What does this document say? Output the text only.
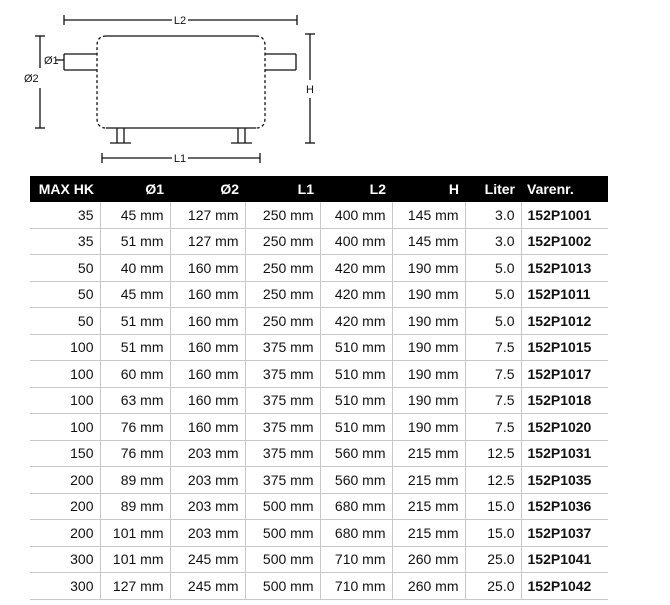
L2
L1
Ø1
Ø2
H
MAX HK	Ø1	Ø2	L1	L2	H	Liter	Varenr.
35	45 mm	127 mm	250 mm	400 mm	145 mm	3.0	152P1001
35	51 mm	127 mm	250 mm	400 mm	145 mm	3.0	152P1002
50	40 mm	160 mm	250 mm	420 mm	190 mm	5.0	152P1013
50	45 mm	160 mm	250 mm	420 mm	190 mm	5.0	152P1011
50	51 mm	160 mm	250 mm	420 mm	190 mm	5.0	152P1012
100	51 mm	160 mm	375 mm	510 mm	190 mm	7.5	152P1015
100	60 mm	160 mm	375 mm	510 mm	190 mm	7.5	152P1017
100	63 mm	160 mm	375 mm	510 mm	190 mm	7.5	152P1018
100	76 mm	160 mm	375 mm	510 mm	190 mm	7.5	152P1020
150	76 mm	203 mm	375 mm	560 mm	215 mm	12.5	152P1031
200	89 mm	203 mm	375 mm	560 mm	215 mm	12.5	152P1035
200	89 mm	203 mm	500 mm	680 mm	215 mm	15.0	152P1036
200	101 mm	203 mm	500 mm	680 mm	215 mm	15.0	152P1037
300	101 mm	245 mm	500 mm	710 mm	260 mm	25.0	152P1041
300	127 mm	245 mm	500 mm	710 mm	260 mm	25.0	152P1042
